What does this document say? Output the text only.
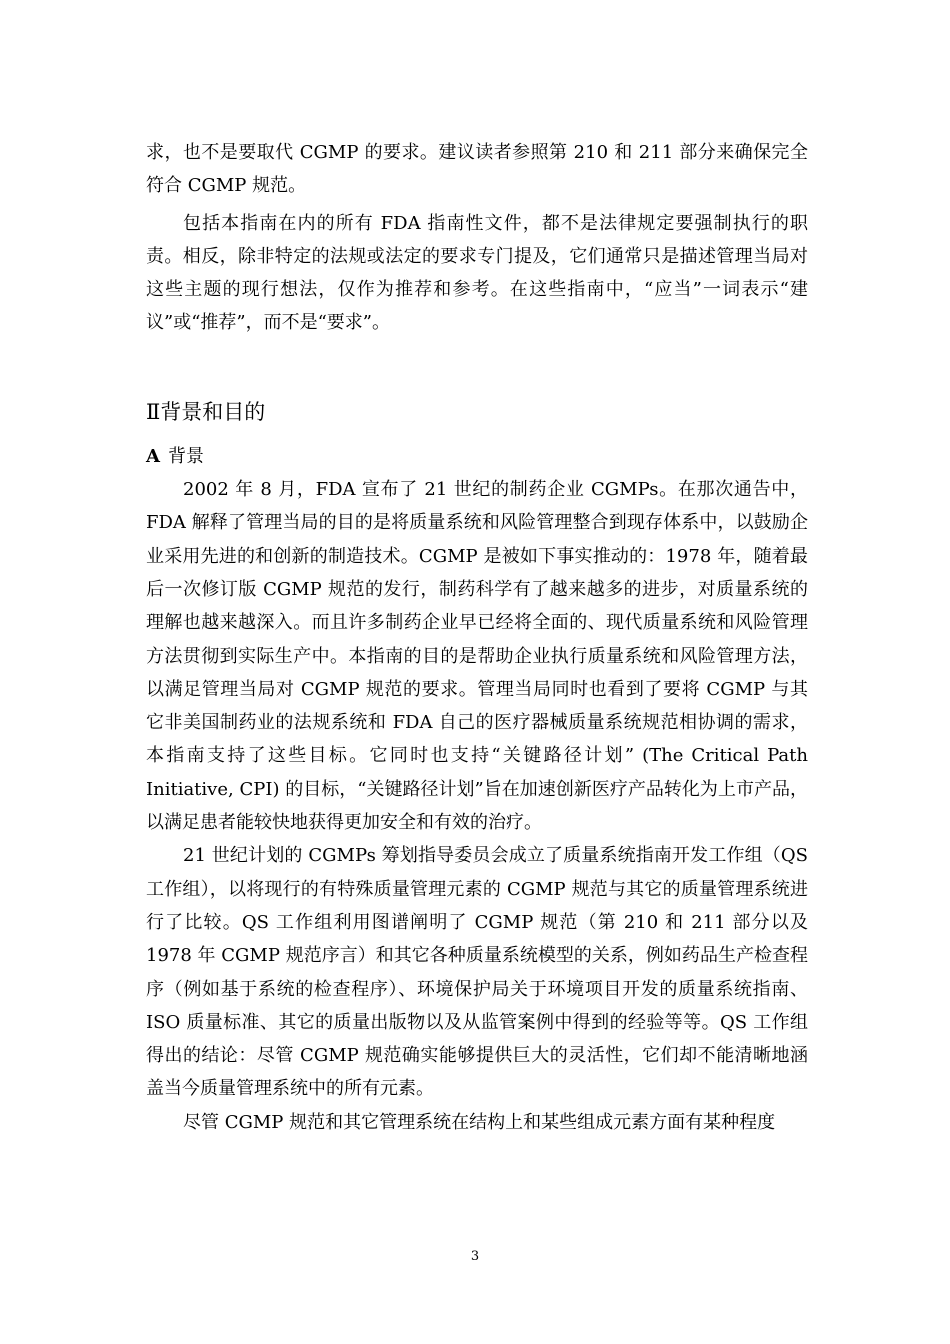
求，也不是要取代 CGMP 的要求。建议读者参照第 210 和 211 部分来确保完全符合 CGMP 规范。

包括本指南在内的所有 FDA 指南性文件，都不是法律规定要强制执行的职责。相反，除非特定的法规或法定的要求专门提及，它们通常只是描述管理当局对这些主题的现行想法，仅作为推荐和参考。在这些指南中，“应当”一词表示“建议”或“推荐”，而不是“要求”。

Ⅱ背景和目的
A 背景

2002 年 8 月，FDA 宣布了 21 世纪的制药企业 CGMPs。在那次通告中，FDA 解释了管理当局的目的是将质量系统和风险管理整合到现存体系中，以鼓励企业采用先进的和创新的制造技术。CGMP 是被如下事实推动的：1978 年，随着最后一次修订版 CGMP 规范的发行，制药科学有了越来越多的进步，对质量系统的理解也越来越深入。而且许多制药企业早已经将全面的、现代质量系统和风险管理方法贯彻到实际生产中。本指南的目的是帮助企业执行质量系统和风险管理方法，以满足管理当局对 CGMP 规范的要求。管理当局同时也看到了要将 CGMP 与其它非美国制药业的法规系统和 FDA 自己的医疗器械质量系统规范相协调的需求，本指南支持了这些目标。它同时也支持“关键路径计划” (The Critical Path Initiative, CPI) 的目标，“关键路径计划”旨在加速创新医疗产品转化为上市产品，以满足患者能较快地获得更加安全和有效的治疗。

21 世纪计划的 CGMPs 筹划指导委员会成立了质量系统指南开发工作组（QS 工作组），以将现行的有特殊质量管理元素的 CGMP 规范与其它的质量管理系统进行了比较。QS 工作组利用图谱阐明了 CGMP 规范（第 210 和 211 部分以及 1978 年 CGMP 规范序言）和其它各种质量系统模型的关系，例如药品生产检查程序（例如基于系统的检查程序）、环境保护局关于环境项目开发的质量系统指南、ISO 质量标准、其它的质量出版物以及从监管案例中得到的经验等等。QS 工作组得出的结论：尽管 CGMP 规范确实能够提供巨大的灵活性，它们却不能清晰地涵盖当今质量管理系统中的所有元素。

尽管 CGMP 规范和其它管理系统在结构上和某些组成元素方面有某种程度

3
